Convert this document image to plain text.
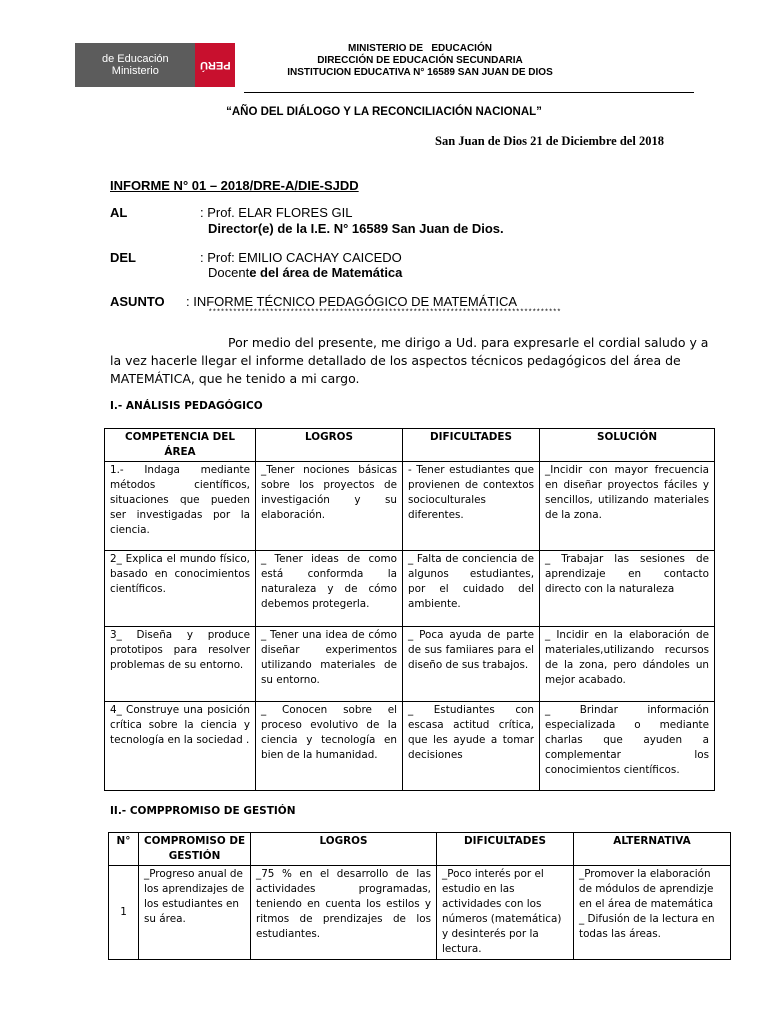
Ministerio
de Educación	PERÚ
MINISTERIO DE   EDUCACIÓN
DIRECCIÓN DE EDUCACIÓN SECUNDARIA
INSTITUCION EDUCATIVA N° 16589 SAN JUAN DE DIOS
“AÑO DEL DIÁLOGO Y LA RECONCILIACIÓN NACIONAL”
San Juan de Dios 21 de Diciembre del 2018
INFORME N° 01 – 2018/DRE-A/DIE-SJDD
AL	: Prof. ELAR FLORES GIL
Director(e) de la I.E. N° 16589 San Juan de Dios.
DEL	: Prof: EMILIO CACHAY CAICEDO
Docente del área de Matemática
ASUNTO : INFORME TÉCNICO PEDAGÓGICO DE MATEMÁTICA
**************************************************************************************
Por medio del presente, me dirigo a Ud. para expresarle el cordial saludo y a la vez hacerle llegar el informe detallado de los aspectos técnicos pedagógicos del área de MATEMÁTICA, que he tenido a mi cargo.
I.- ANÁLISIS PEDAGÓGICO
COMPETENCIA DEL ÁREA	LOGROS	DIFICULTADES	SOLUCIÓN
1.- Indaga mediante métodos científicos, situaciones que pueden ser investigadas por la ciencia.	_Tener nociones básicas sobre los proyectos de investigación y su elaboración.	- Tener estudiantes que provienen de contextos socioculturales diferentes.	_Incidir con mayor frecuencia en diseñar proyectos fáciles y sencillos, utilizando materiales de la zona.
2_ Explica el mundo físico, basado en conocimientos científicos.	_ Tener ideas de como está conformda la naturaleza y de cómo debemos protegerla.	_ Falta de conciencia de algunos estudiantes, por el cuidado del ambiente.	_ Trabajar las sesiones de aprendizaje en contacto directo con la naturaleza
3_ Diseña y produce prototipos para resolver problemas de su entorno.	_ Tener una idea de cómo diseñar experimentos utilizando materiales de su entorno.	_ Poca ayuda de parte de sus famiiares para el diseño de sus trabajos.	_ Incidir en la elaboración de materiales,utilizando recursos de la zona, pero dándoles un mejor acabado.
4_ Construye una posición crítica sobre la ciencia y tecnología en la sociedad .	_ Conocen sobre el proceso evolutivo de la ciencia y tecnología en bien de la humanidad.	_ Estudiantes con escasa actitud crítica, que les ayude a tomar decisiones	_ Brindar información especializada o mediante charlas que ayuden a complementar los conocimientos científicos.
II.- COMPPROMISO DE GESTIÓN
N°	COMPROMISO DE GESTIÓN	LOGROS	DIFICULTADES	ALTERNATIVA
1	_Progreso anual de los aprendizajes de los estudiantes en su área.	_75 % en el desarrollo de las actividades programadas, teniendo en cuenta los estilos y ritmos de prendizajes de los estudiantes.	_Poco interés por el estudio en las actividades con los números (matemática) y desinterés por la lectura.	_Promover la elaboración de módulos de aprendizje en el área de matemática
_ Difusión de la lectura en todas las áreas.
